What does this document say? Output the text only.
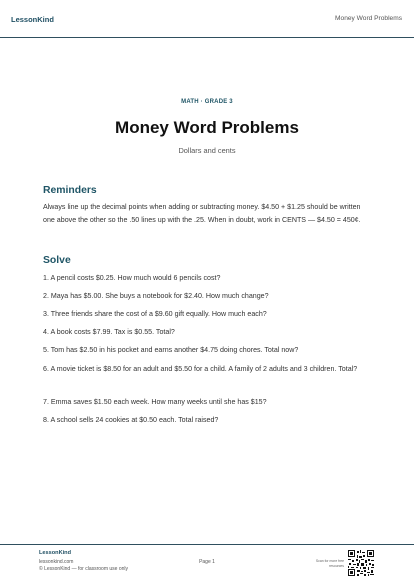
LessonKind	Money Word Problems
MATH · GRADE 3
Money Word Problems
Dollars and cents
Reminders
Always line up the decimal points when adding or subtracting money. $4.50 + $1.25 should be written one above the other so the .50 lines up with the .25. When in doubt, work in CENTS — $4.50 = 450¢.
Solve
1. A pencil costs $0.25. How much would 6 pencils cost?
2. Maya has $5.00. She buys a notebook for $2.40. How much change?
3. Three friends share the cost of a $9.60 gift equally. How much each?
4. A book costs $7.99. Tax is $0.55. Total?
5. Tom has $2.50 in his pocket and earns another $4.75 doing chores. Total now?
6. A movie ticket is $8.50 for an adult and $5.50 for a child. A family of 2 adults and 3 children. Total?
7. Emma saves $1.50 each week. How many weeks until she has $15?
8. A school sells 24 cookies at $0.50 each. Total raised?
LessonKind
lessonkind.com
© LessonKind — for classroom use only
Page 1	Scan for more free resources
